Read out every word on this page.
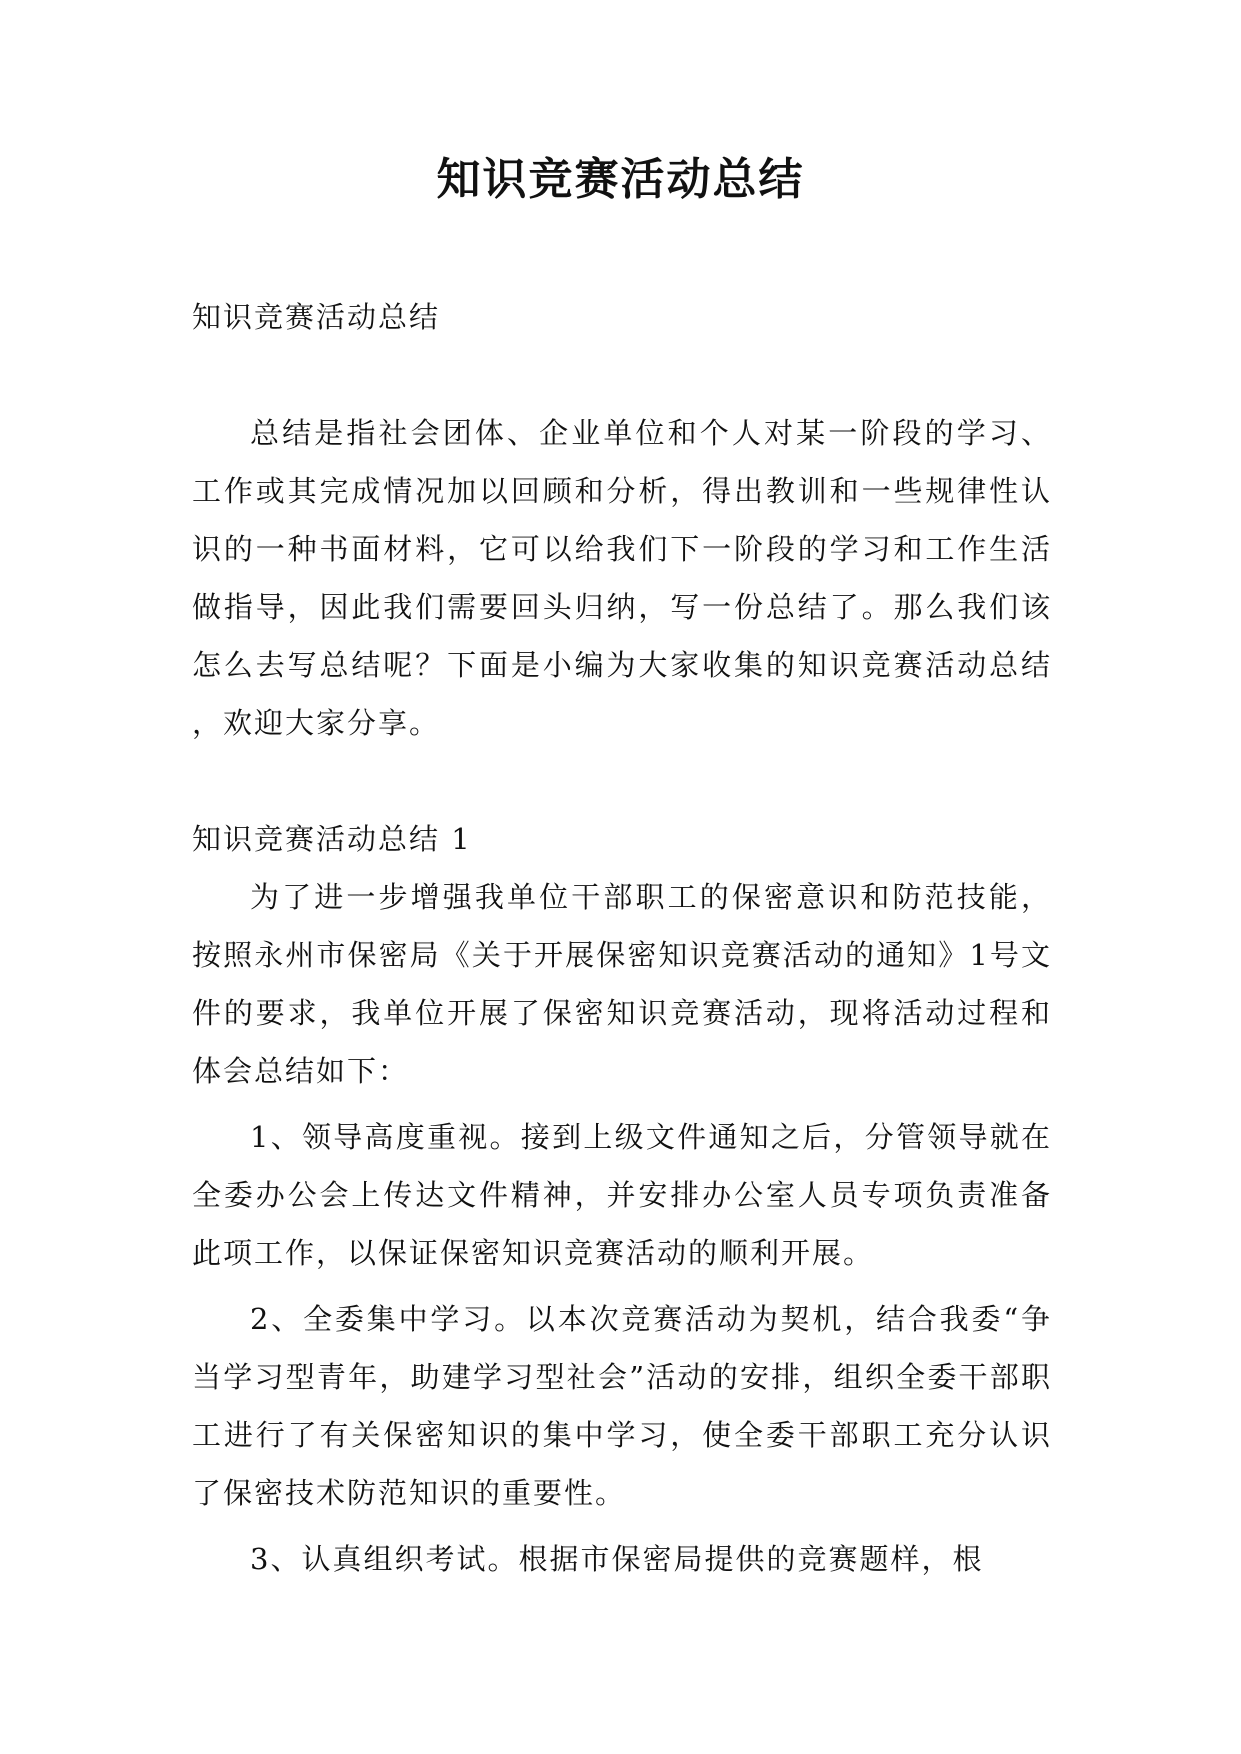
知识竞赛活动总结

知识竞赛活动总结

总结是指社会团体、企业单位和个人对某一阶段的学习、工作或其完成情况加以回顾和分析，得出教训和一些规律性认识的一种书面材料，它可以给我们下一阶段的学习和工作生活做指导，因此我们需要回头归纳，写一份总结了。那么我们该怎么去写总结呢？下面是小编为大家收集的知识竞赛活动总结 ，欢迎大家分享。

知识竞赛活动总结 1

为了进一步增强我单位干部职工的保密意识和防范技能，按照永州市保密局《关于开展保密知识竞赛活动的通知》1号文件的要求，我单位开展了保密知识竞赛活动，现将活动过程和体会总结如下：

1、领导高度重视。接到上级文件通知之后，分管领导就在全委办公会上传达文件精神，并安排办公室人员专项负责准备此项工作，以保证保密知识竞赛活动的顺利开展。

2、全委集中学习。以本次竞赛活动为契机，结合我委“争当学习型青年，助建学习型社会”活动的安排，组织全委干部职工进行了有关保密知识的集中学习，使全委干部职工充分认识了保密技术防范知识的重要性。

3、认真组织考试。根据市保密局提供的竞赛题样，根
